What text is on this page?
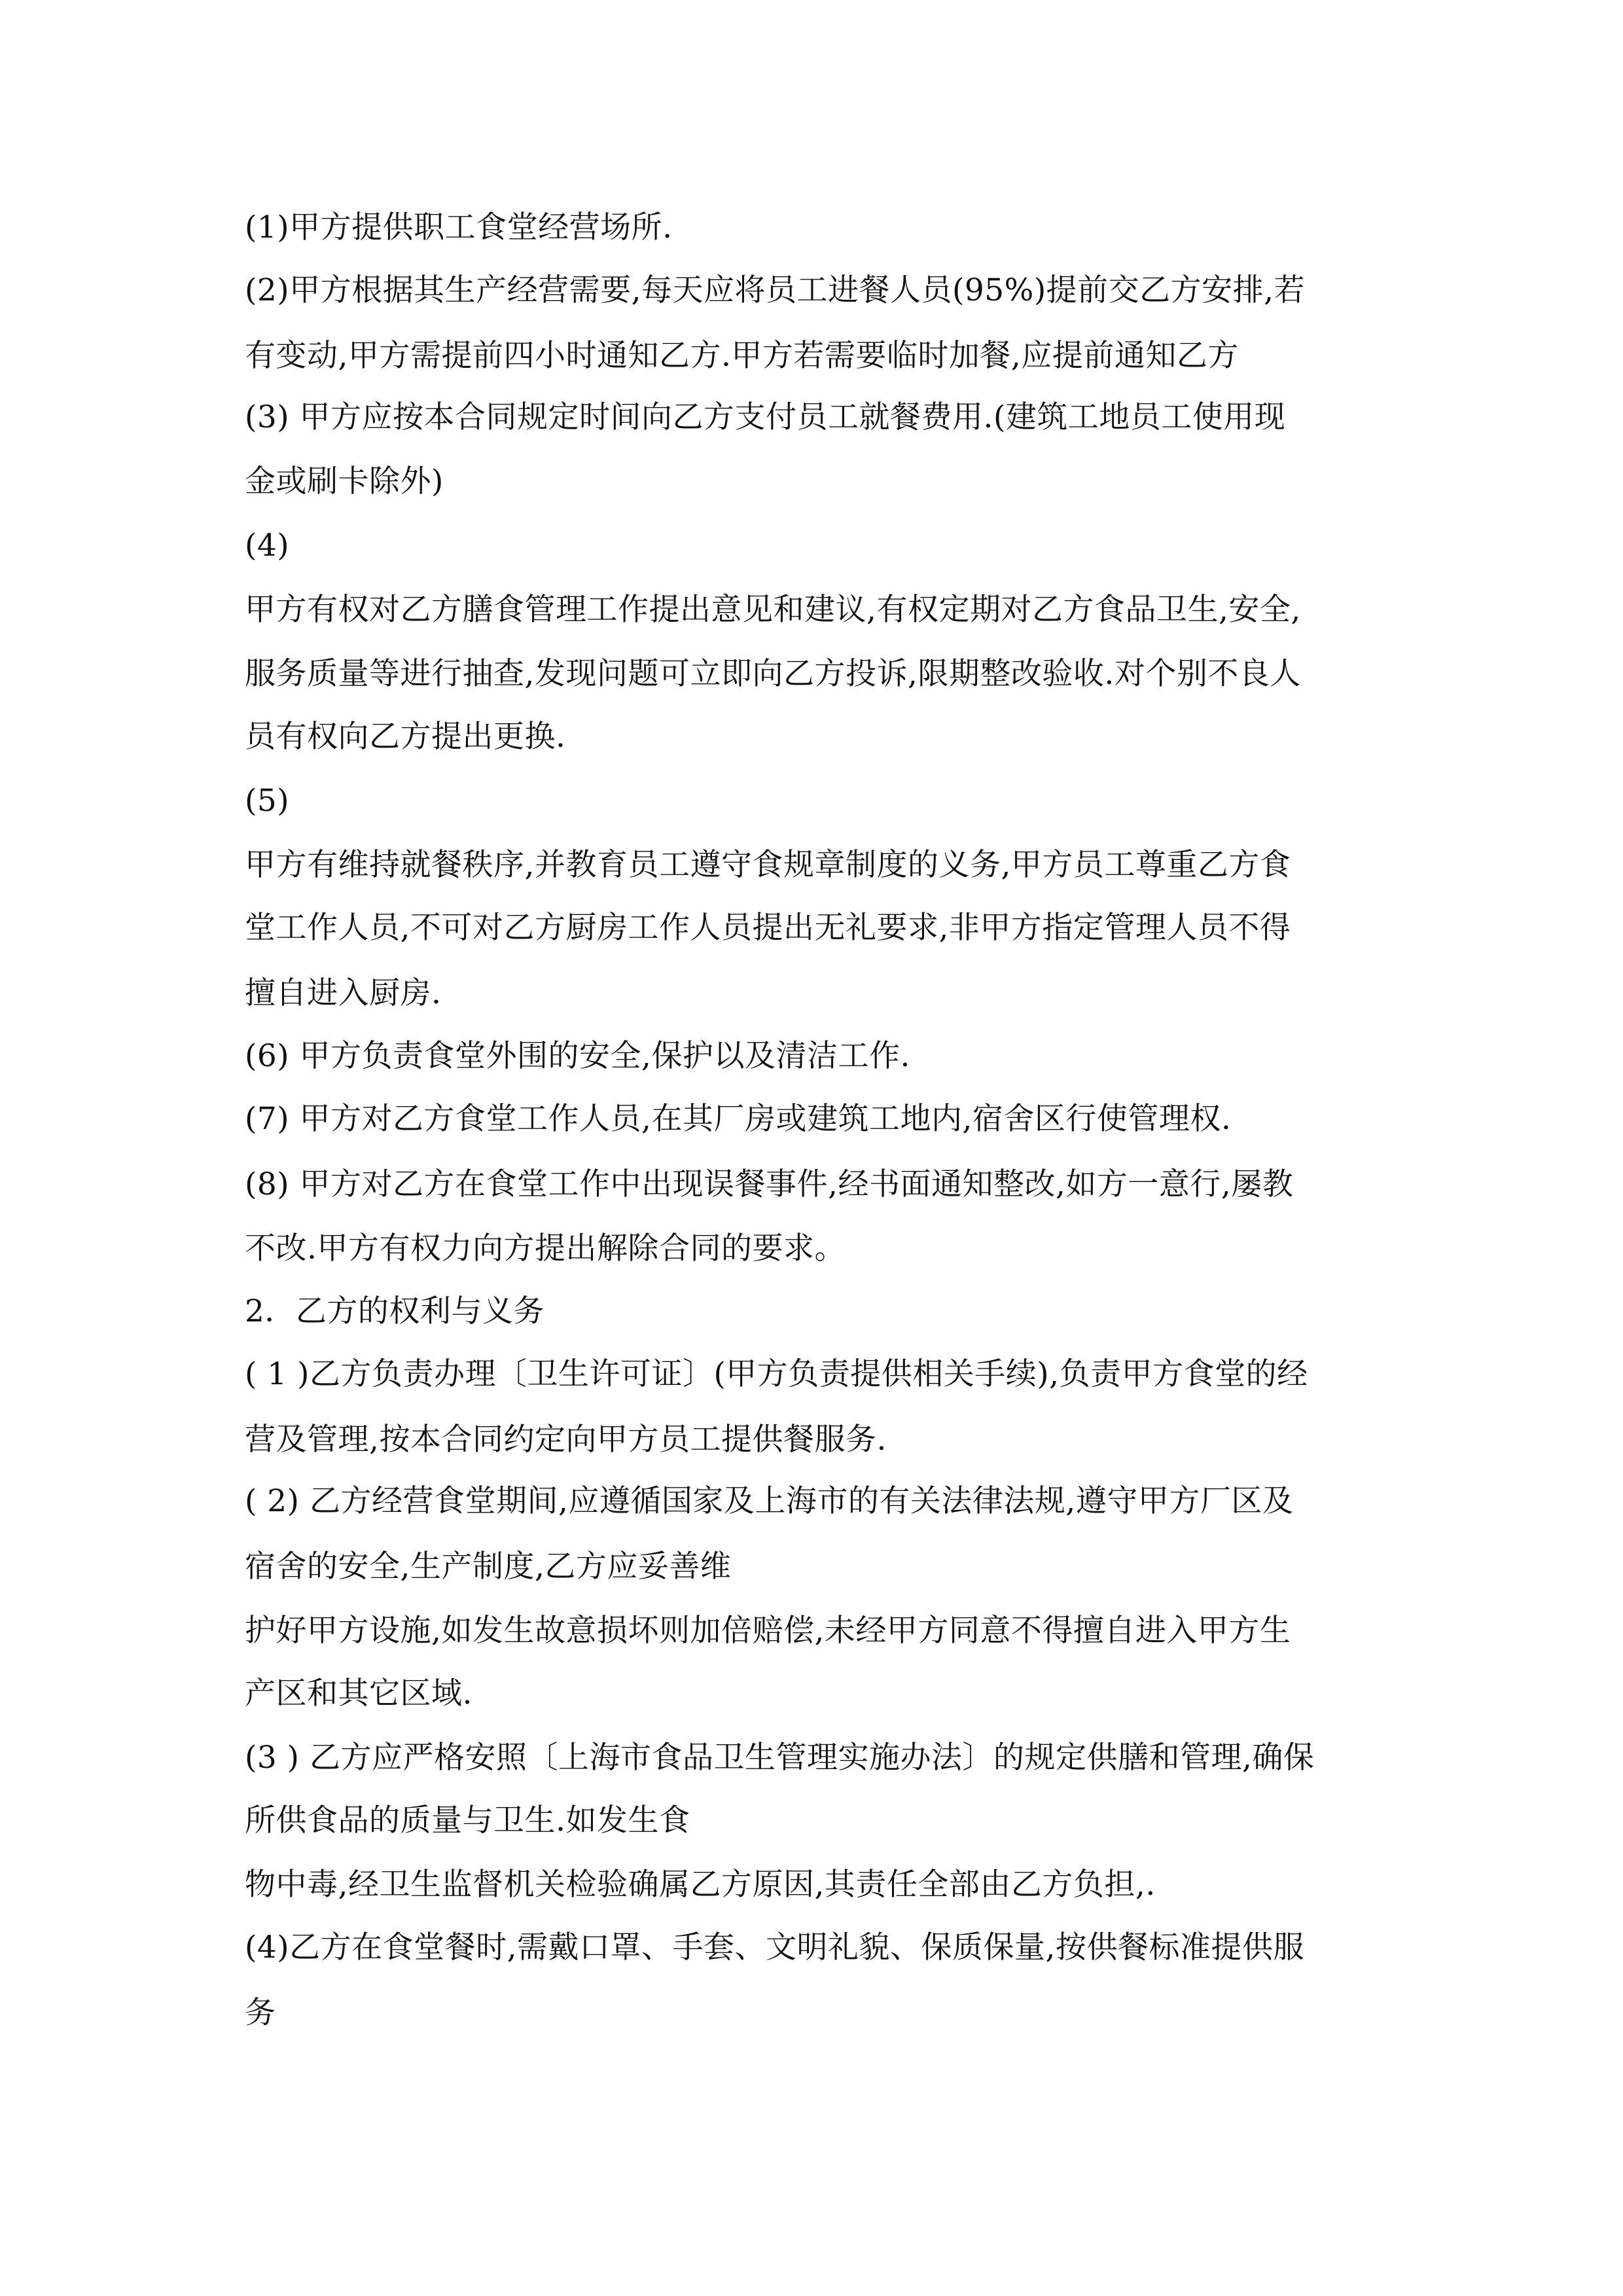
(1)甲方提供职工食堂经营场所.
(2)甲方根据其生产经营需要,每天应将员工进餐人员(95%)提前交乙方安排,若
有变动,甲方需提前四小时通知乙方.甲方若需要临时加餐,应提前通知乙方
(3) 甲方应按本合同规定时间向乙方支付员工就餐费用.(建筑工地员工使用现
金或刷卡除外)
(4)
甲方有权对乙方膳食管理工作提出意见和建议,有权定期对乙方食品卫生,安全,
服务质量等进行抽查,发现问题可立即向乙方投诉,限期整改验收.对个别不良人
员有权向乙方提出更换.
(5)
甲方有维持就餐秩序,并教育员工遵守食规章制度的义务,甲方员工尊重乙方食
堂工作人员,不可对乙方厨房工作人员提出无礼要求,非甲方指定管理人员不得
擅自进入厨房.
(6) 甲方负责食堂外围的安全,保护以及清洁工作.
(7) 甲方对乙方食堂工作人员,在其厂房或建筑工地内,宿舍区行使管理权.
(8) 甲方对乙方在食堂工作中出现误餐事件,经书面通知整改,如方一意行,屡教
不改.甲方有权力向方提出解除合同的要求。
2．乙方的权利与义务
( 1 )乙方负责办理〔卫生许可证〕(甲方负责提供相关手续),负责甲方食堂的经
营及管理,按本合同约定向甲方员工提供餐服务.
( 2) 乙方经营食堂期间,应遵循国家及上海市的有关法律法规,遵守甲方厂区及
宿舍的安全,生产制度,乙方应妥善维
护好甲方设施,如发生故意损坏则加倍赔偿,未经甲方同意不得擅自进入甲方生
产区和其它区域.
(3 ) 乙方应严格安照〔上海市食品卫生管理实施办法〕的规定供膳和管理,确保
所供食品的质量与卫生.如发生食
物中毒,经卫生监督机关检验确属乙方原因,其责任全部由乙方负担,.
(4)乙方在食堂餐时,需戴口罩、手套、文明礼貌、保质保量,按供餐标准提供服
务
